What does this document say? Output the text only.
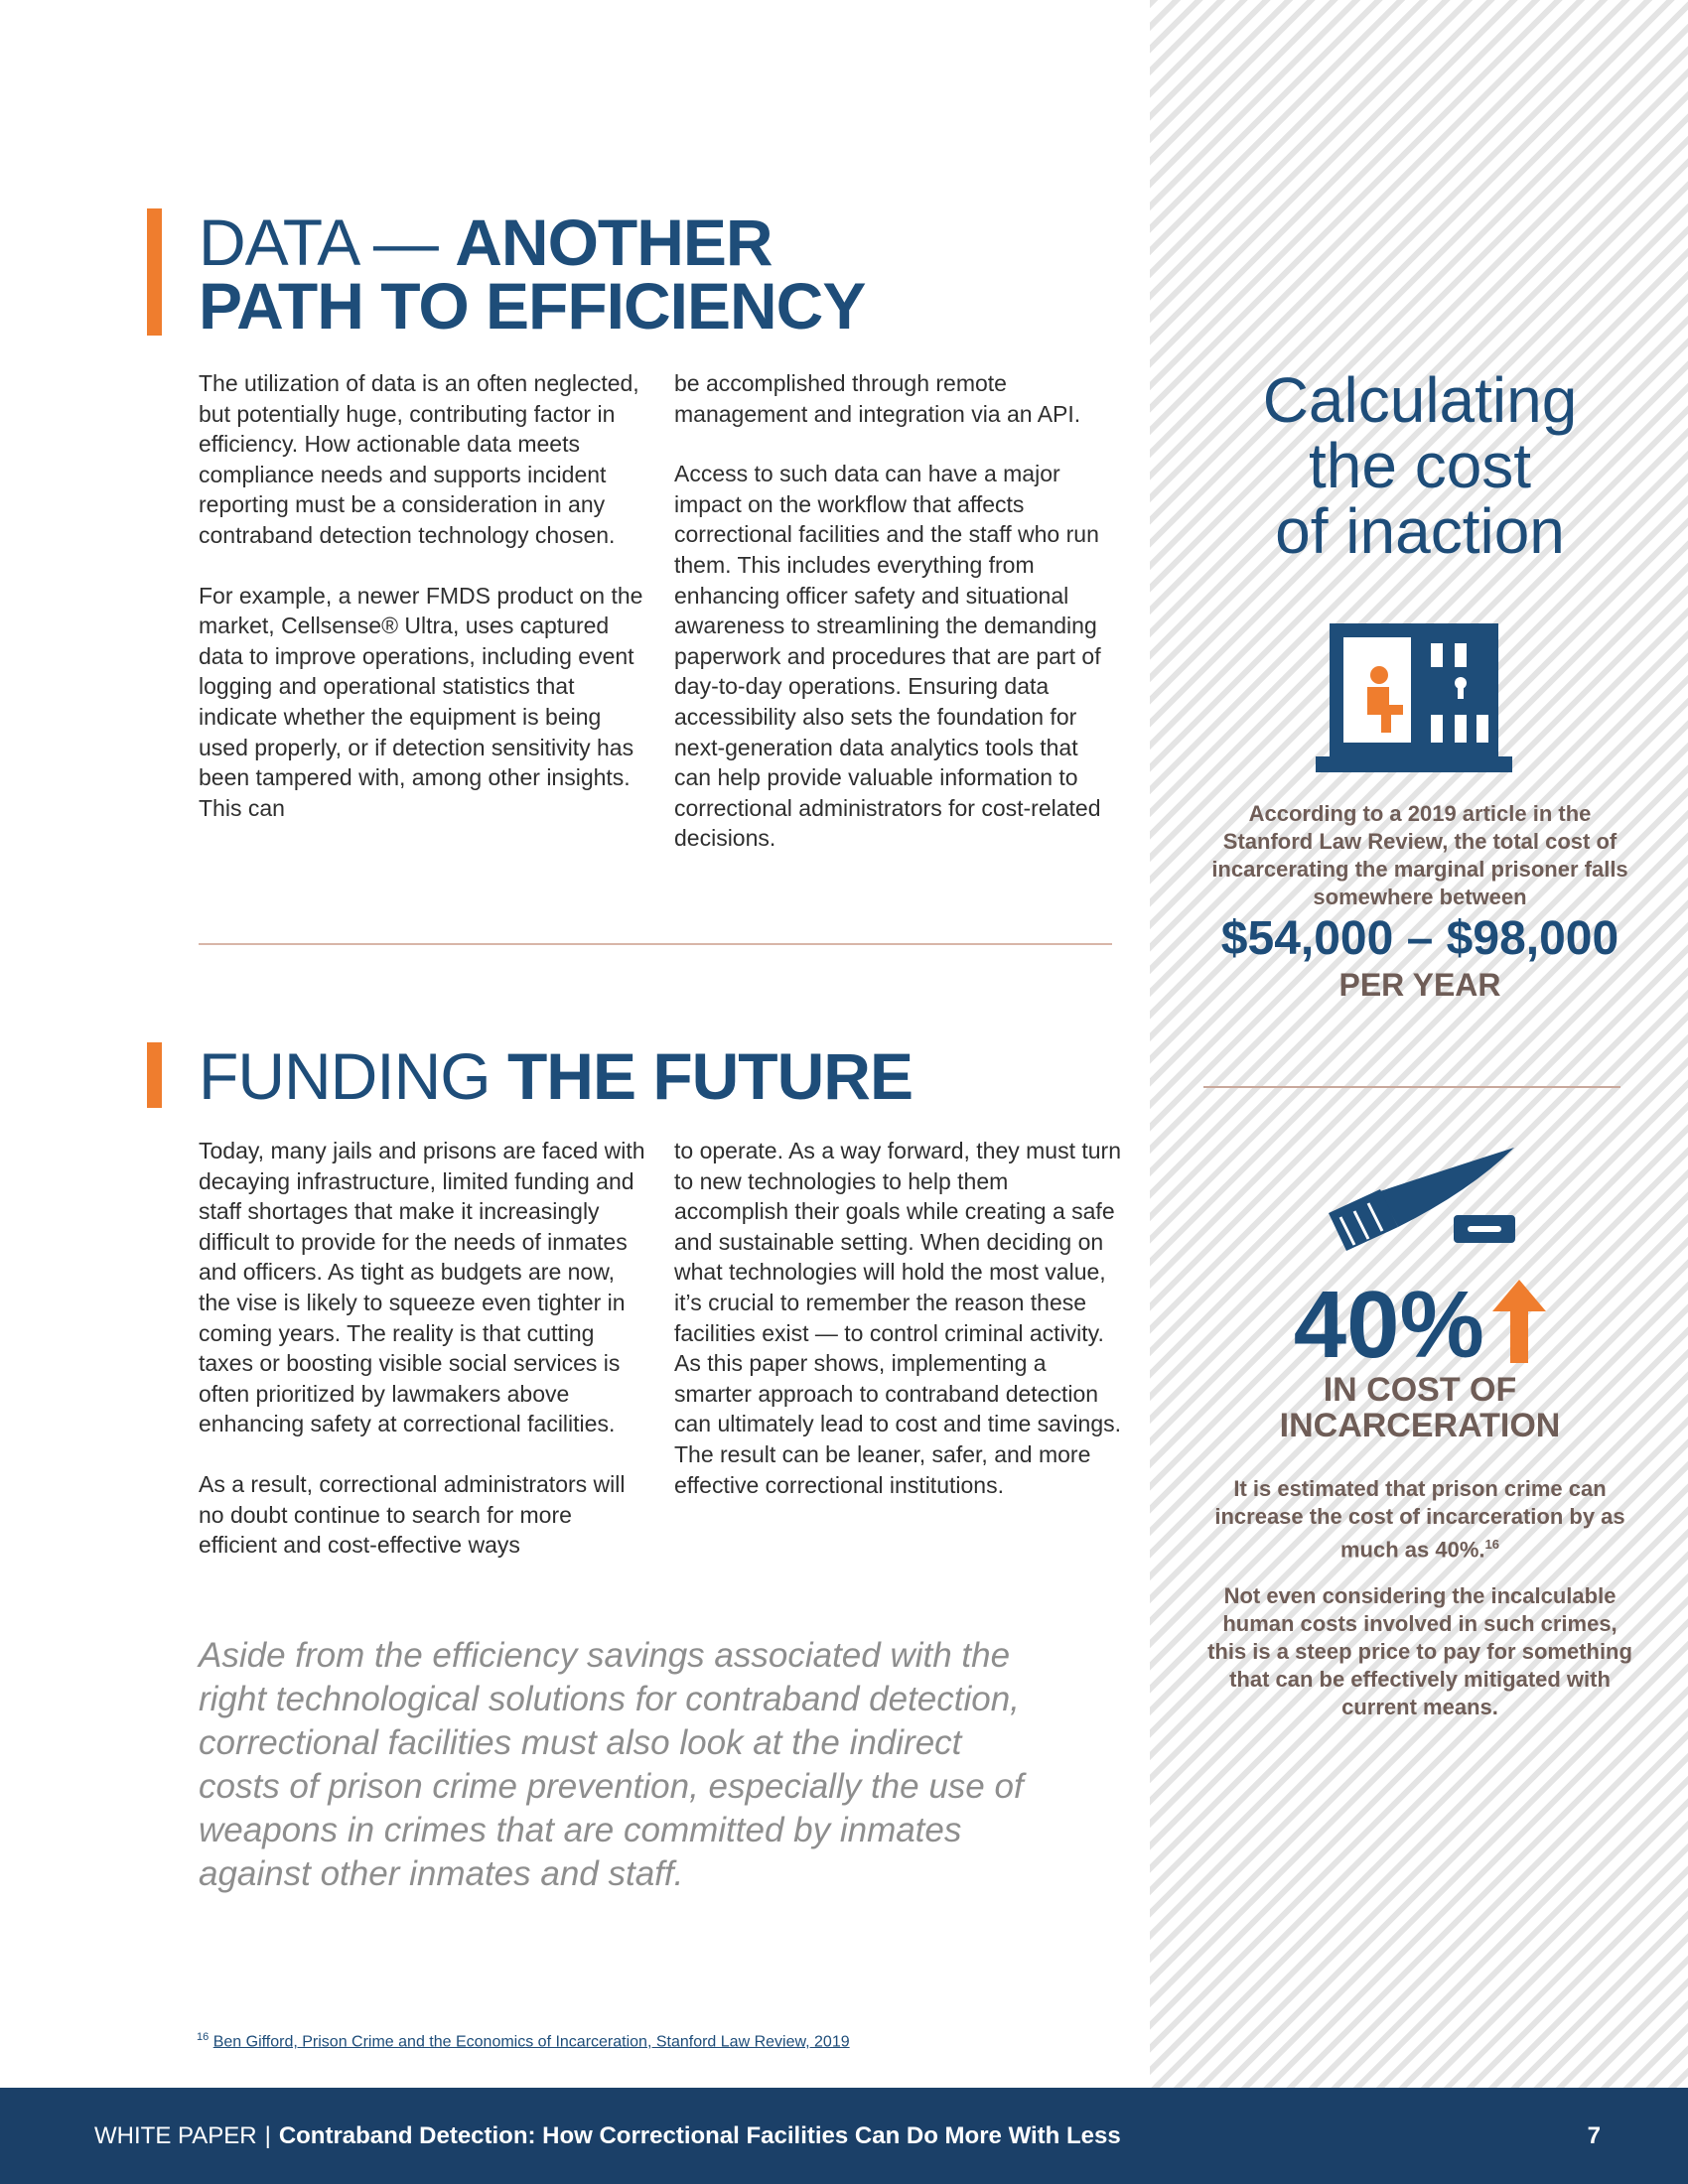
DATA — ANOTHER
PATH TO EFFICIENCY

The utilization of data is an often neglected, but potentially huge, contributing factor in efficiency. How actionable data meets compliance needs and supports incident reporting must be a consideration in any contraband detection technology chosen.

For example, a newer FMDS product on the market, Cellsense® Ultra, uses captured data to improve operations, including event logging and operational statistics that indicate whether the equipment is being used properly, or if detection sensitivity has been tampered with, among other insights. This can

be accomplished through remote management and integration via an API.

Access to such data can have a major impact on the workflow that affects correctional facilities and the staff who run them. This includes everything from enhancing officer safety and situational awareness to streamlining the demanding paperwork and procedures that are part of day-to-day operations. Ensuring data accessibility also sets the foundation for next-generation data analytics tools that can help provide valuable information to correctional administrators for cost-related decisions.

FUNDING THE FUTURE

Today, many jails and prisons are faced with decaying infrastructure, limited funding and staff shortages that make it increasingly difficult to provide for the needs of inmates and officers. As tight as budgets are now, the vise is likely to squeeze even tighter in coming years. The reality is that cutting taxes or boosting visible social services is often prioritized by lawmakers above enhancing safety at correctional facilities.

As a result, correctional administrators will no doubt continue to search for more efficient and cost-effective ways

to operate. As a way forward, they must turn to new technologies to help them accomplish their goals while creating a safe and sustainable setting. When deciding on what technologies will hold the most value, it’s crucial to remember the reason these facilities exist — to control criminal activity. As this paper shows, implementing a smarter approach to contraband detection can ultimately lead to cost and time savings. The result can be leaner, safer, and more effective correctional institutions.

Aside from the efficiency savings associated with the right technological solutions for contraband detection, correctional facilities must also look at the indirect costs of prison crime prevention, especially the use of weapons in crimes that are committed by inmates against other inmates and staff.

$^{16}$ Ben Gifford, Prison Crime and the Economics of Incarceration, Stanford Law Review, 2019
Calculating
the cost
of inaction

According to a 2019 article in the Stanford Law Review, the total cost of incarcerating the marginal prisoner falls somewhere between

$54,000 – $98,000

PER YEAR

40%

IN COST OF
INCARCERATION

It is estimated that prison crime can increase the cost of incarceration by as much as 40%.$^{16}$

Not even considering the incalculable human costs involved in such crimes, this is a steep price to pay for something that can be effectively mitigated with current means.

WHITE PAPER | Contraband Detection: How Correctional Facilities Can Do More With Less	7
